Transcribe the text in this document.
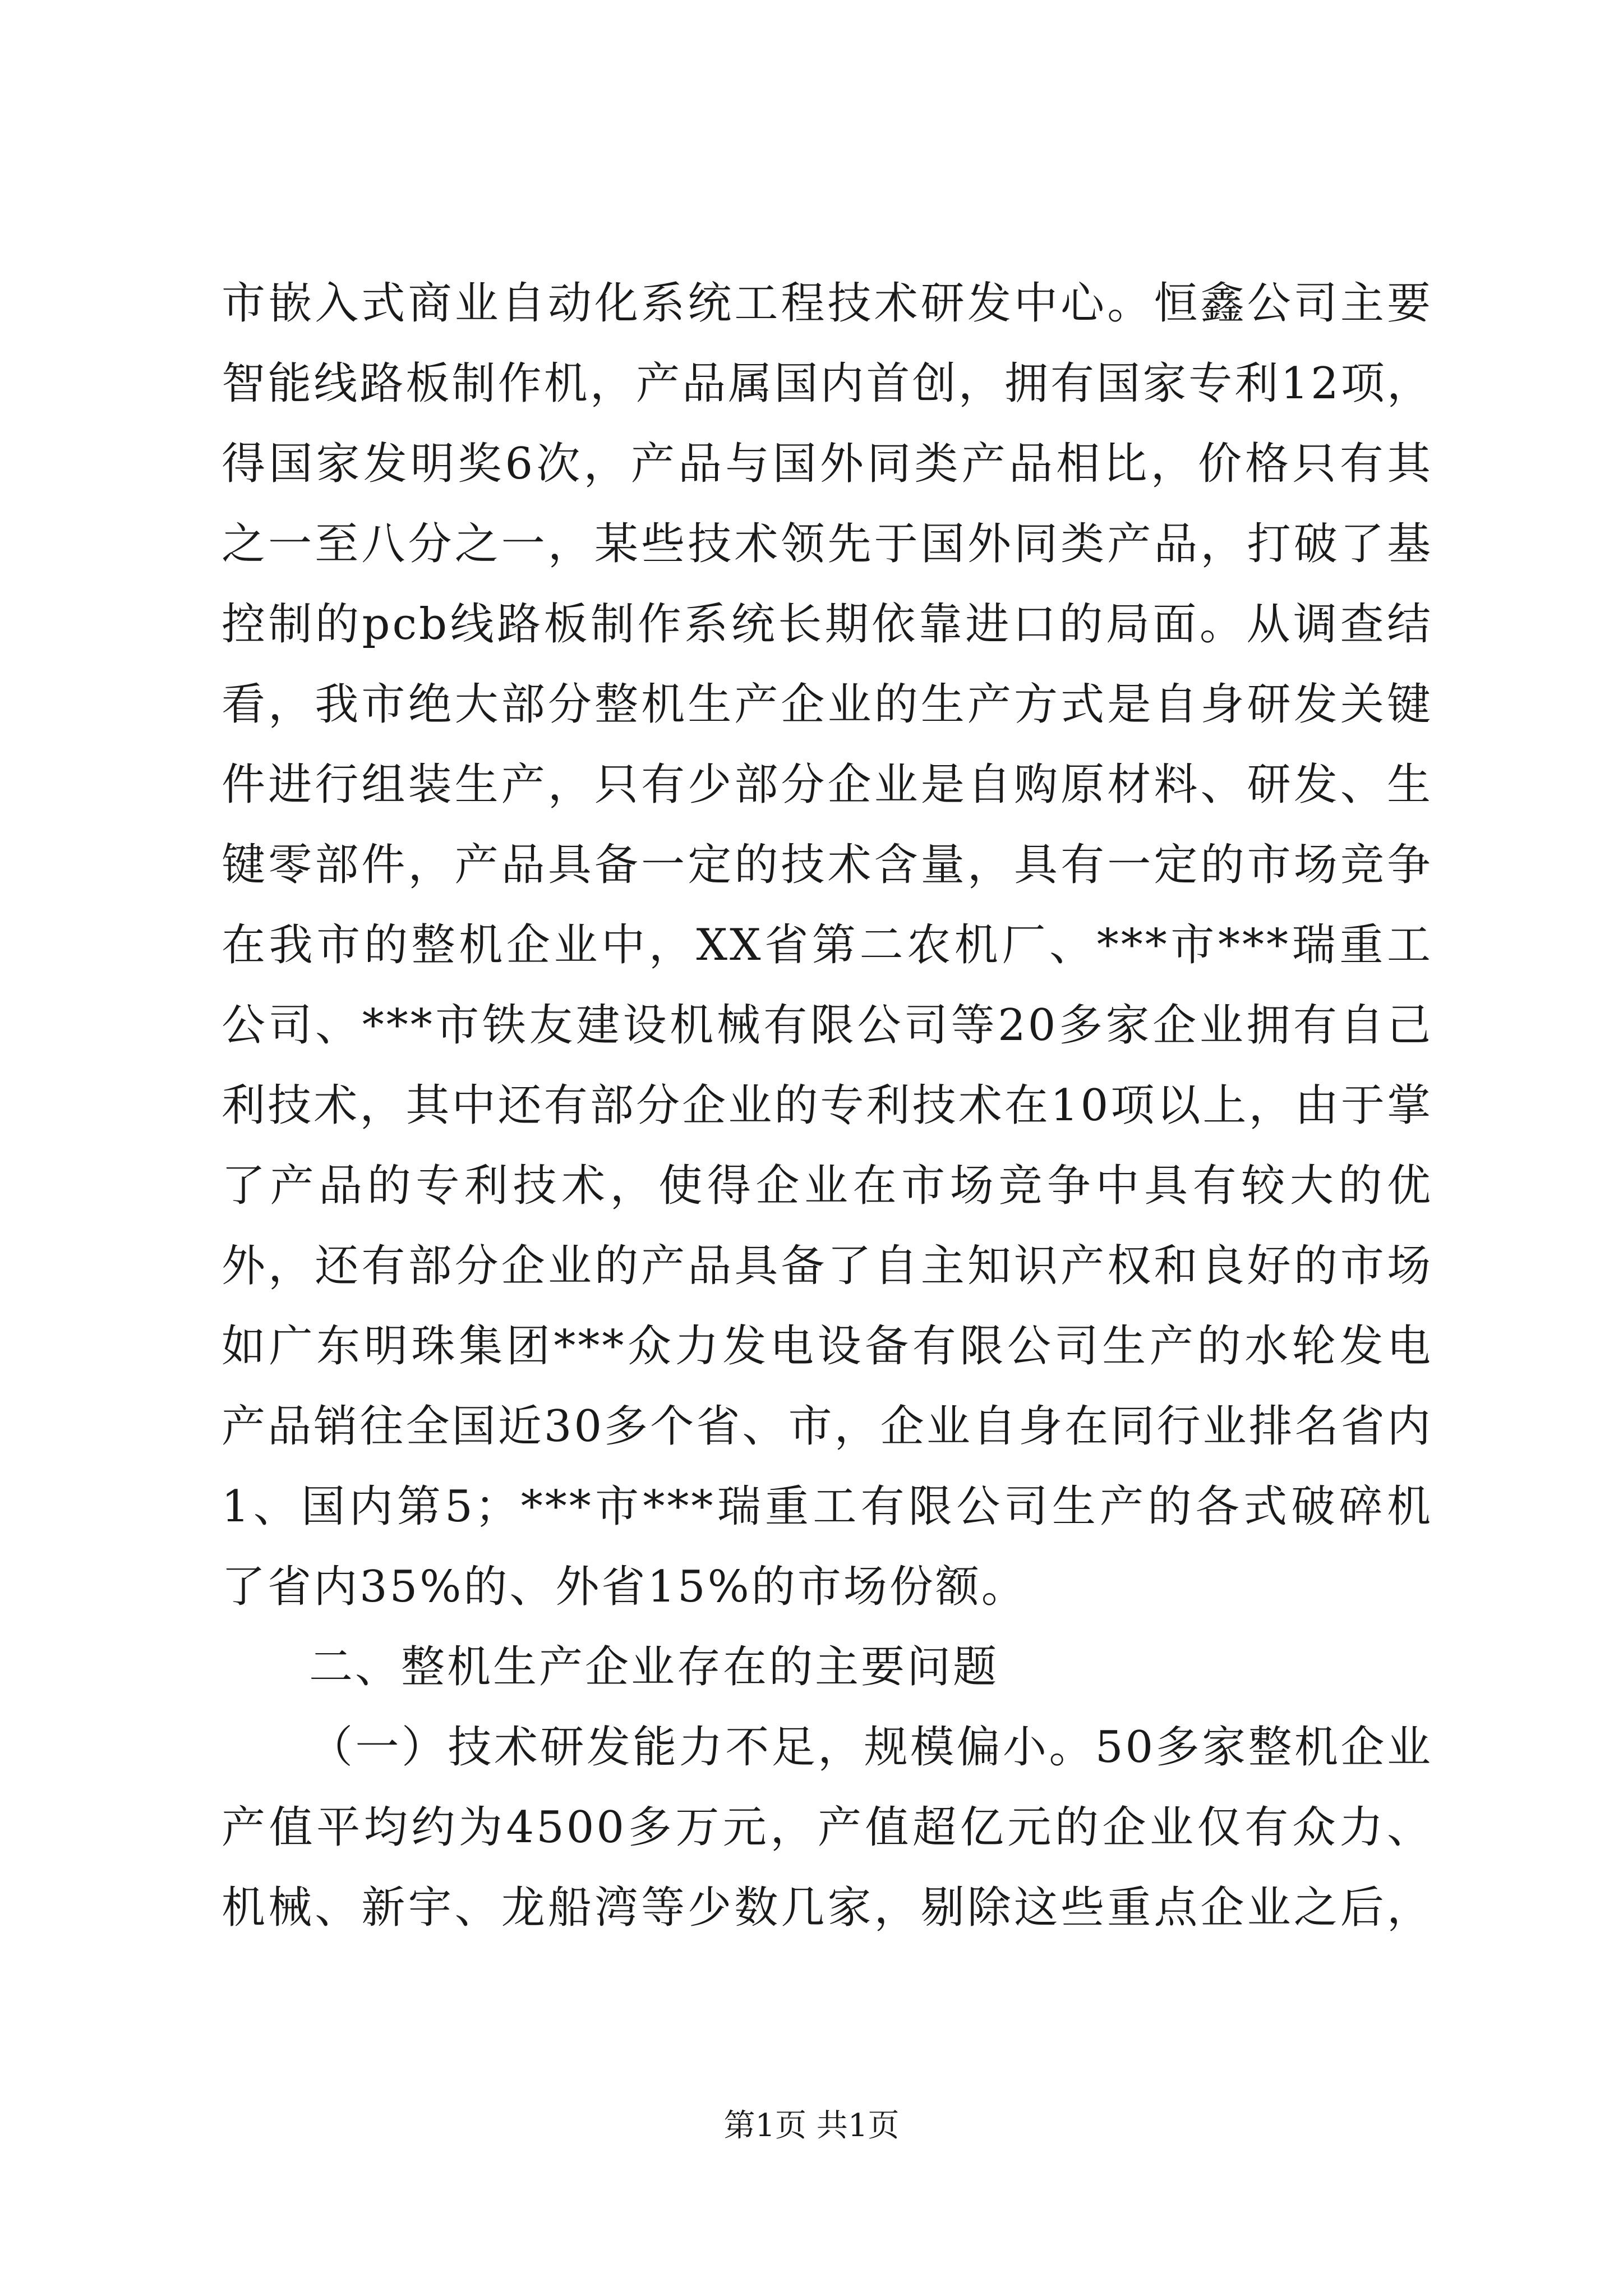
市嵌入式商业自动化系统工程技术研发中心。恒鑫公司主要
智能线路板制作机，产品属国内首创，拥有国家专利12项，
得国家发明奖6次，产品与国外同类产品相比，价格只有其
之一至八分之一，某些技术领先于国外同类产品，打破了基
控制的pcb线路板制作系统长期依靠进口的局面。从调查结
看，我市绝大部分整机生产企业的生产方式是自身研发关键
件进行组装生产，只有少部分企业是自购原材料、研发、生
键零部件，产品具备一定的技术含量，具有一定的市场竞争
在我市的整机企业中，XX省第二农机厂、***市***瑞重工
公司、***市铁友建设机械有限公司等20多家企业拥有自己
利技术，其中还有部分企业的专利技术在10项以上，由于掌
了产品的专利技术，使得企业在市场竞争中具有较大的优
外，还有部分企业的产品具备了自主知识产权和良好的市场
如广东明珠集团***众力发电设备有限公司生产的水轮发电
产品销往全国近30多个省、市，企业自身在同行业排名省内
1、国内第5；***市***瑞重工有限公司生产的各式破碎机
了省内35%的、外省15%的市场份额。
二、整机生产企业存在的主要问题
（一）技术研发能力不足，规模偏小。50多家整机企业
产值平均约为4500多万元，产值超亿元的企业仅有众力、
机械、新宇、龙船湾等少数几家，剔除这些重点企业之后，
第1页 共1页
